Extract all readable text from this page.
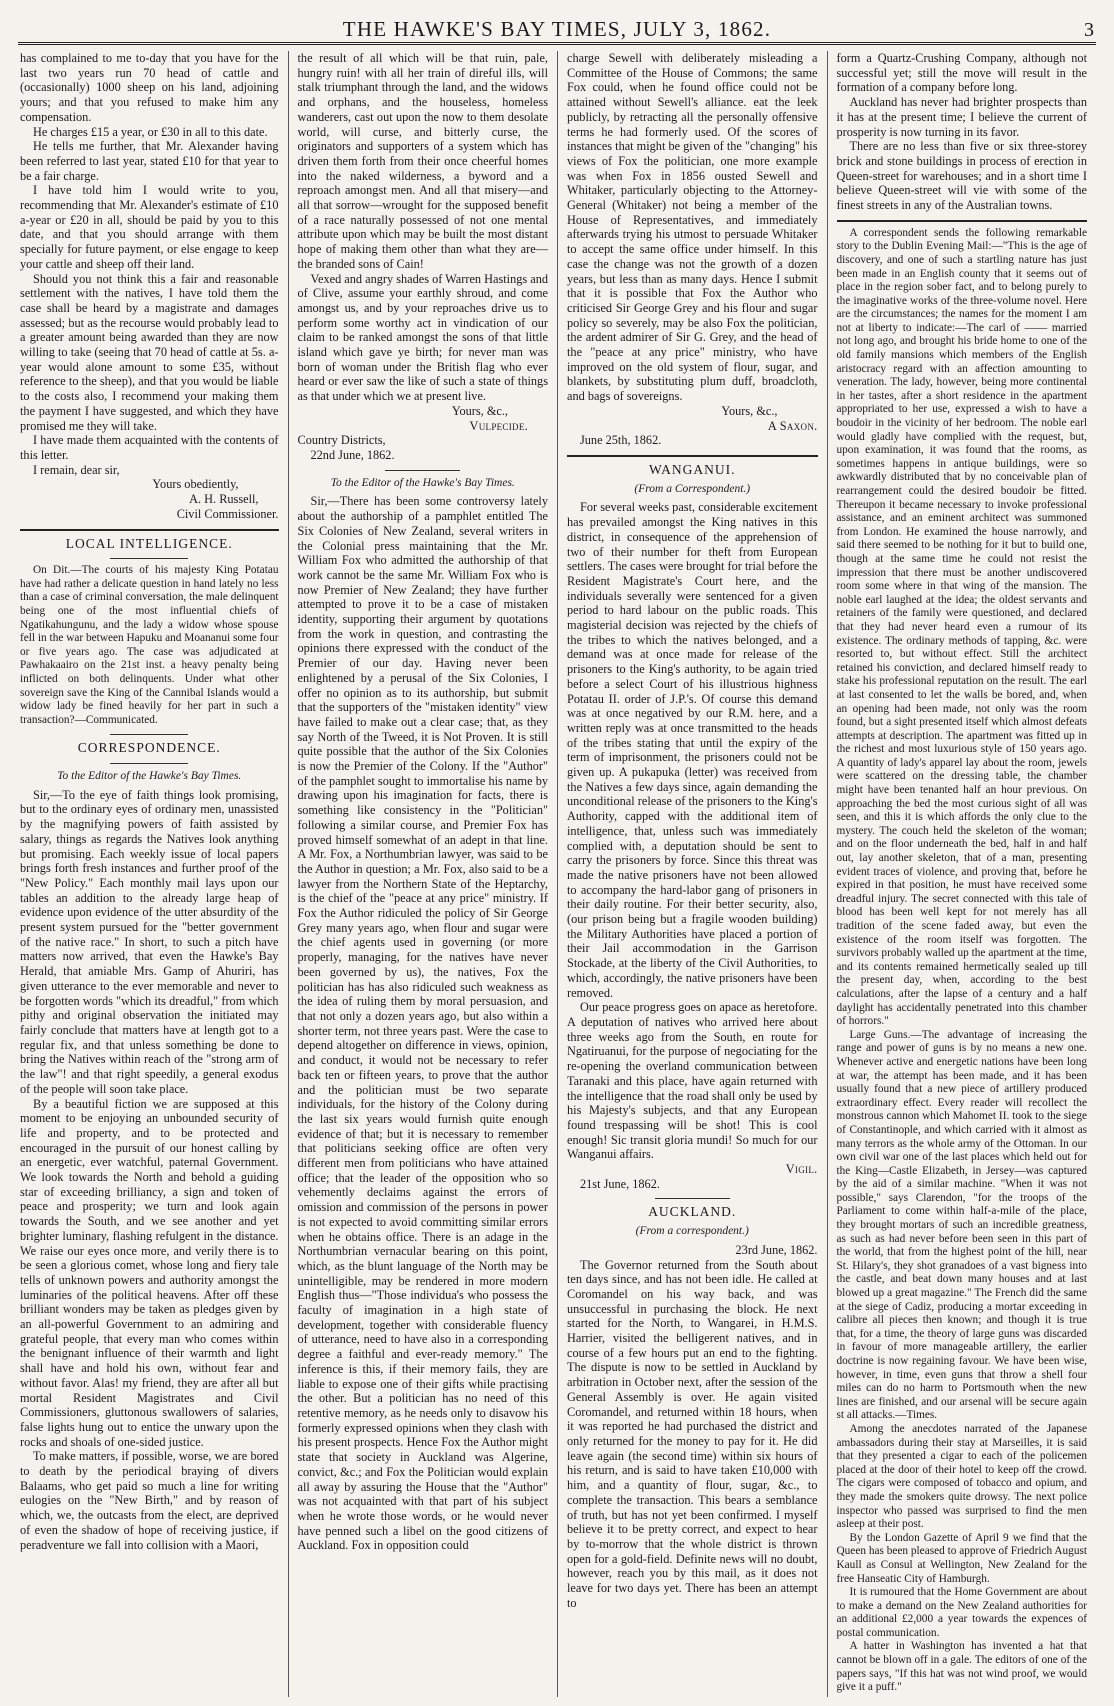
THE HAWKE'S BAY TIMES, JULY 3, 1862.	3

has complained to me to-day that you have for the last two years run 70 head of cattle and (occasionally) 1000 sheep on his land, adjoining yours; and that you refused to make him any compensation.

He charges £15 a year, or £30 in all to this date.

He tells me further, that Mr. Alexander having been referred to last year, stated £10 for that year to be a fair charge.

I have told him I would write to you, recommending that Mr. Alexander's estimate of £10 a-year or £20 in all, should be paid by you to this date, and that you should arrange with them specially for future payment, or else engage to keep your cattle and sheep off their land.

Should you not think this a fair and reasonable settlement with the natives, I have told them the case shall be heard by a magistrate and damages assessed; but as the recourse would probably lead to a greater amount being awarded than they are now willing to take (seeing that 70 head of cattle at 5s. a-year would alone amount to some £35, without reference to the sheep), and that you would be liable to the costs also, I recommend your making them the payment I have suggested, and which they have promised me they will take.

I have made them acquainted with the contents of this letter.

I remain, dear sir,

Yours obediently,

A. H. Russell,

Civil Commissioner.

LOCAL INTELLIGENCE.

On Dit.—The courts of his majesty King Potatau have had rather a delicate question in hand lately no less than a case of criminal conversation, the male delinquent being one of the most influential chiefs of Ngatikahungunu, and the lady a widow whose spouse fell in the war between Hapuku and Moananui some four or five years ago. The case was adjudicated at Pawhakaairo on the 21st inst. a heavy penalty being inflicted on both delinquents. Under what other sovereign save the King of the Cannibal Islands would a widow lady be fined heavily for her part in such a transaction?—Communicated.

CORRESPONDENCE.
To the Editor of the Hawke's Bay Times.

Sir,—To the eye of faith things look promising, but to the ordinary eyes of ordinary men, unassisted by the magnifying powers of faith assisted by salary, things as regards the Natives look anything but promising. Each weekly issue of local papers brings forth fresh instances and further proof of the "New Policy." Each monthly mail lays upon our tables an addition to the already large heap of evidence upon evidence of the utter absurdity of the present system pursued for the "better government of the native race." In short, to such a pitch have matters now arrived, that even the Hawke's Bay Herald, that amiable Mrs. Gamp of Ahuriri, has given utterance to the ever memorable and never to be forgotten words "which its dreadful," from which pithy and original observation the initiated may fairly conclude that matters have at length got to a regular fix, and that unless something be done to bring the Natives within reach of the "strong arm of the law"! and that right speedily, a general exodus of the people will soon take place.

By a beautiful fiction we are supposed at this moment to be enjoying an unbounded security of life and property, and to be protected and encouraged in the pursuit of our honest calling by an energetic, ever watchful, paternal Government. We look towards the North and behold a guiding star of exceeding brilliancy, a sign and token of peace and prosperity; we turn and look again towards the South, and we see another and yet brighter luminary, flashing refulgent in the distance. We raise our eyes once more, and verily there is to be seen a glorious comet, whose long and fiery tale tells of unknown powers and authority amongst the luminaries of the political heavens. After off these brilliant wonders may be taken as pledges given by an all-powerful Government to an admiring and grateful people, that every man who comes within the benignant influence of their warmth and light shall have and hold his own, without fear and without favor. Alas! my friend, they are after all but mortal Resident Magistrates and Civil Commissioners, gluttonous swallowers of salaries, false lights hung out to entice the unwary upon the rocks and shoals of one-sided justice.

To make matters, if possible, worse, we are bored to death by the periodical braying of divers Balaams, who get paid so much a line for writing eulogies on the "New Birth," and by reason of which, we, the outcasts from the elect, are deprived of even the shadow of hope of receiving justice, if peradventure we fall into collision with a Maori,

the result of all which will be that ruin, pale, hungry ruin! with all her train of direful ills, will stalk triumphant through the land, and the widows and orphans, and the houseless, homeless wanderers, cast out upon the now to them desolate world, will curse, and bitterly curse, the originators and supporters of a system which has driven them forth from their once cheerful homes into the naked wilderness, a byword and a reproach amongst men. And all that misery—and all that sorrow—wrought for the supposed benefit of a race naturally possessed of not one mental attribute upon which may be built the most distant hope of making them other than what they are—the branded sons of Cain!

Vexed and angry shades of Warren Hastings and of Clive, assume your earthly shroud, and come amongst us, and by your reproaches drive us to perform some worthy act in vindication of our claim to be ranked amongst the sons of that little island which gave ye birth; for never man was born of woman under the British flag who ever heard or ever saw the like of such a state of things as that under which we at present live.

Yours, &c.,

Vulpecide.

Country Districts,

22nd June, 1862.

To the Editor of the Hawke's Bay Times.

Sir,—There has been some controversy lately about the authorship of a pamphlet entitled The Six Colonies of New Zealand, several writers in the Colonial press maintaining that the Mr. William Fox who admitted the authorship of that work cannot be the same Mr. William Fox who is now Premier of New Zealand; they have further attempted to prove it to be a case of mistaken identity, supporting their argument by quotations from the work in question, and contrasting the opinions there expressed with the conduct of the Premier of our day. Having never been enlightened by a perusal of the Six Colonies, I offer no opinion as to its authorship, but submit that the supporters of the "mistaken identity" view have failed to make out a clear case; that, as they say North of the Tweed, it is Not Proven. It is still quite possible that the author of the Six Colonies is now the Premier of the Colony. If the "Author" of the pamphlet sought to immortalise his name by drawing upon his imagination for facts, there is something like consistency in the "Politician" following a similar course, and Premier Fox has proved himself somewhat of an adept in that line. A Mr. Fox, a Northumbrian lawyer, was said to be the Author in question; a Mr. Fox, also said to be a lawyer from the Northern State of the Heptarchy, is the chief of the "peace at any price" ministry. If Fox the Author ridiculed the policy of Sir George Grey many years ago, when flour and sugar were the chief agents used in governing (or more properly, managing, for the natives have never been governed by us), the natives, Fox the politician has has also ridiculed such weakness as the idea of ruling them by moral persuasion, and that not only a dozen years ago, but also within a shorter term, not three years past. Were the case to depend altogether on difference in views, opinion, and conduct, it would not be necessary to refer back ten or fifteen years, to prove that the author and the politician must be two separate individuals, for the history of the Colony during the last six years would furnish quite enough evidence of that; but it is necessary to remember that politicians seeking office are often very different men from politicians who have attained office; that the leader of the opposition who so vehemently declaims against the errors of omission and commission of the persons in power is not expected to avoid committing similar errors when he obtains office. There is an adage in the Northumbrian vernacular bearing on this point, which, as the blunt language of the North may be unintelligible, may be rendered in more modern English thus—"Those individua's who possess the faculty of imagination in a high state of development, together with considerable fluency of utterance, need to have also in a corresponding degree a faithful and ever-ready memory." The inference is this, if their memory fails, they are liable to expose one of their gifts while practising the other. But a politician has no need of this retentive memory, as he needs only to disavow his formerly expressed opinions when they clash with his present prospects. Hence Fox the Author might state that society in Auckland was Algerine, convict, &c.; and Fox the Politician would explain all away by assuring the House that the "Author" was not acquainted with that part of his subject when he wrote those words, or he would never have penned such a libel on the good citizens of Auckland. Fox in opposition could

charge Sewell with deliberately misleading a Committee of the House of Commons; the same Fox could, when he found office could not be attained without Sewell's alliance. eat the leek publicly, by retracting all the personally offensive terms he had formerly used. Of the scores of instances that might be given of the "changing" his views of Fox the politician, one more example was when Fox in 1856 ousted Sewell and Whitaker, particularly objecting to the Attorney-General (Whitaker) not being a member of the House of Representatives, and immediately afterwards trying his utmost to persuade Whitaker to accept the same office under himself. In this case the change was not the growth of a dozen years, but less than as many days. Hence I submit that it is possible that Fox the Author who criticised Sir George Grey and his flour and sugar policy so severely, may be also Fox the politician, the ardent admirer of Sir G. Grey, and the head of the "peace at any price" ministry, who have improved on the old system of flour, sugar, and blankets, by substituting plum duff, broadcloth, and bags of sovereigns.

Yours, &c.,

A Saxon.

June 25th, 1862.

WANGANUI.
(From a Correspondent.)

For several weeks past, considerable excitement has prevailed amongst the King natives in this district, in consequence of the apprehension of two of their number for theft from European settlers. The cases were brought for trial before the Resident Magistrate's Court here, and the individuals severally were sentenced for a given period to hard labour on the public roads. This magisterial decision was rejected by the chiefs of the tribes to which the natives belonged, and a demand was at once made for release of the prisoners to the King's authority, to be again tried before a select Court of his illustrious highness Potatau II. order of J.P.'s. Of course this demand was at once negatived by our R.M. here, and a written reply was at once transmitted to the heads of the tribes stating that until the expiry of the term of imprisonment, the prisoners could not be given up. A pukapuka (letter) was received from the Natives a few days since, again demanding the unconditional release of the prisoners to the King's Authority, capped with the additional item of intelligence, that, unless such was immediately complied with, a deputation should be sent to carry the prisoners by force. Since this threat was made the native prisoners have not been allowed to accompany the hard-labor gang of prisoners in their daily routine. For their better security, also, (our prison being but a fragile wooden building) the Military Authorities have placed a portion of their Jail accommodation in the Garrison Stockade, at the liberty of the Civil Authorities, to which, accordingly, the native prisoners have been removed.

Our peace progress goes on apace as heretofore. A deputation of natives who arrived here about three weeks ago from the South, en route for Ngatiruanui, for the purpose of negociating for the re-opening the overland communication between Taranaki and this place, have again returned with the intelligence that the road shall only be used by his Majesty's subjects, and that any European found trespassing will be shot! This is cool enough! Sic transit gloria mundi! So much for our Wanganui affairs.

Vigil.

21st June, 1862.

AUCKLAND.
(From a correspondent.)

23rd June, 1862.

The Governor returned from the South about ten days since, and has not been idle. He called at Coromandel on his way back, and was unsuccessful in purchasing the block. He next started for the North, to Wangarei, in H.M.S. Harrier, visited the belligerent natives, and in course of a few hours put an end to the fighting. The dispute is now to be settled in Auckland by arbitration in October next, after the session of the General Assembly is over. He again visited Coromandel, and returned within 18 hours, when it was reported he had purchased the district and only returned for the money to pay for it. He did leave again (the second time) within six hours of his return, and is said to have taken £10,000 with him, and a quantity of flour, sugar, &c., to complete the transaction. This bears a semblance of truth, but has not yet been confirmed. I myself believe it to be pretty correct, and expect to hear by to-morrow that the whole district is thrown open for a gold-field. Definite news will no doubt, however, reach you by this mail, as it does not leave for two days yet. There has been an attempt to

form a Quartz-Crushing Company, although not successful yet; still the move will result in the formation of a company before long.

Auckland has never had brighter prospects than it has at the present time; I believe the current of prosperity is now turning in its favor.

There are no less than five or six three-storey brick and stone buildings in process of erection in Queen-street for warehouses; and in a short time I believe Queen-street will vie with some of the finest streets in any of the Australian towns.

A correspondent sends the following remarkable story to the Dublin Evening Mail:—"This is the age of discovery, and one of such a startling nature has just been made in an English county that it seems out of place in the region sober fact, and to belong purely to the imaginative works of the three-volume novel. Here are the circumstances; the names for the moment I am not at liberty to indicate:—The carl of —— married not long ago, and brought his bride home to one of the old family mansions which members of the English aristocracy regard with an affection amounting to veneration. The lady, however, being more continental in her tastes, after a short residence in the apartment appropriated to her use, expressed a wish to have a boudoir in the vicinity of her bedroom. The noble earl would gladly have complied with the request, but, upon examination, it was found that the rooms, as sometimes happens in antique buildings, were so awkwardly distributed that by no conceivable plan of rearrangement could the desired boudoir be fitted. Thereupon it became necessary to invoke professional assistance, and an eminent architect was summoned from London. He examined the house narrowly, and said there seemed to be nothing for it but to build one, though at the same time he could not resist the impression that there must be another undiscovered room some where in that wing of the mansion. The noble earl laughed at the idea; the oldest servants and retainers of the family were questioned, and declared that they had never heard even a rumour of its existence. The ordinary methods of tapping, &c. were resorted to, but without effect. Still the architect retained his conviction, and declared himself ready to stake his professional reputation on the result. The earl at last consented to let the walls be bored, and, when an opening had been made, not only was the room found, but a sight presented itself which almost defeats attempts at description. The apartment was fitted up in the richest and most luxurious style of 150 years ago. A quantity of lady's apparel lay about the room, jewels were scattered on the dressing table, the chamber might have been tenanted half an hour previous. On approaching the bed the most curious sight of all was seen, and this it is which affords the only clue to the mystery. The couch held the skeleton of the woman; and on the floor underneath the bed, half in and half out, lay another skeleton, that of a man, presenting evident traces of violence, and proving that, before he expired in that position, he must have received some dreadful injury. The secret connected with this tale of blood has been well kept for not merely has all tradition of the scene faded away, but even the existence of the room itself was forgotten. The survivors probably walled up the apartment at the time, and its contents remained hermetically sealed up till the present day, when, according to the best calculations, after the lapse of a century and a half daylight has accidentally penetrated into this chamber of horrors."

Large Guns.—The advantage of increasing the range and power of guns is by no means a new one. Whenever active and energetic nations have been long at war, the attempt has been made, and it has been usually found that a new piece of artillery produced extraordinary effect. Every reader will recollect the monstrous cannon which Mahomet II. took to the siege of Constantinople, and which carried with it almost as many terrors as the whole army of the Ottoman. In our own civil war one of the last places which held out for the King—Castle Elizabeth, in Jersey—was captured by the aid of a similar machine. "When it was not possible," says Clarendon, "for the troops of the Parliament to come within half-a-mile of the place, they brought mortars of such an incredible greatness, as such as had never before been seen in this part of the world, that from the highest point of the hill, near St. Hilary's, they shot granadoes of a vast bigness into the castle, and beat down many houses and at last blowed up a great magazine." The French did the same at the siege of Cadiz, producing a mortar exceeding in calibre all pieces then known; and though it is true that, for a time, the theory of large guns was discarded in favour of more manageable artillery, the earlier doctrine is now regaining favour. We have been wise, however, in time, even guns that throw a shell four miles can do no harm to Portsmouth when the new lines are finished, and our arsenal will be secure again st all attacks.—Times.

Among the anecdotes narrated of the Japanese ambassadors during their stay at Marseilles, it is said that they presented a cigar to each of the policemen placed at the door of their hotel to keep off the crowd. The cigars were composed of tobacco and opium, and they made the smokers quite drowsy. The next police inspector who passed was surprised to find the men asleep at their post.

By the London Gazette of April 9 we find that the Queen has been pleased to approve of Friedrich August Kaull as Consul at Wellington, New Zealand for the free Hanseatic City of Hamburgh.

It is rumoured that the Home Government are about to make a demand on the New Zealand authorities for an additional £2,000 a year towards the expences of postal communication.

A hatter in Washington has invented a hat that cannot be blown off in a gale. The editors of one of the papers says, "If this hat was not wind proof, we would give it a puff."
